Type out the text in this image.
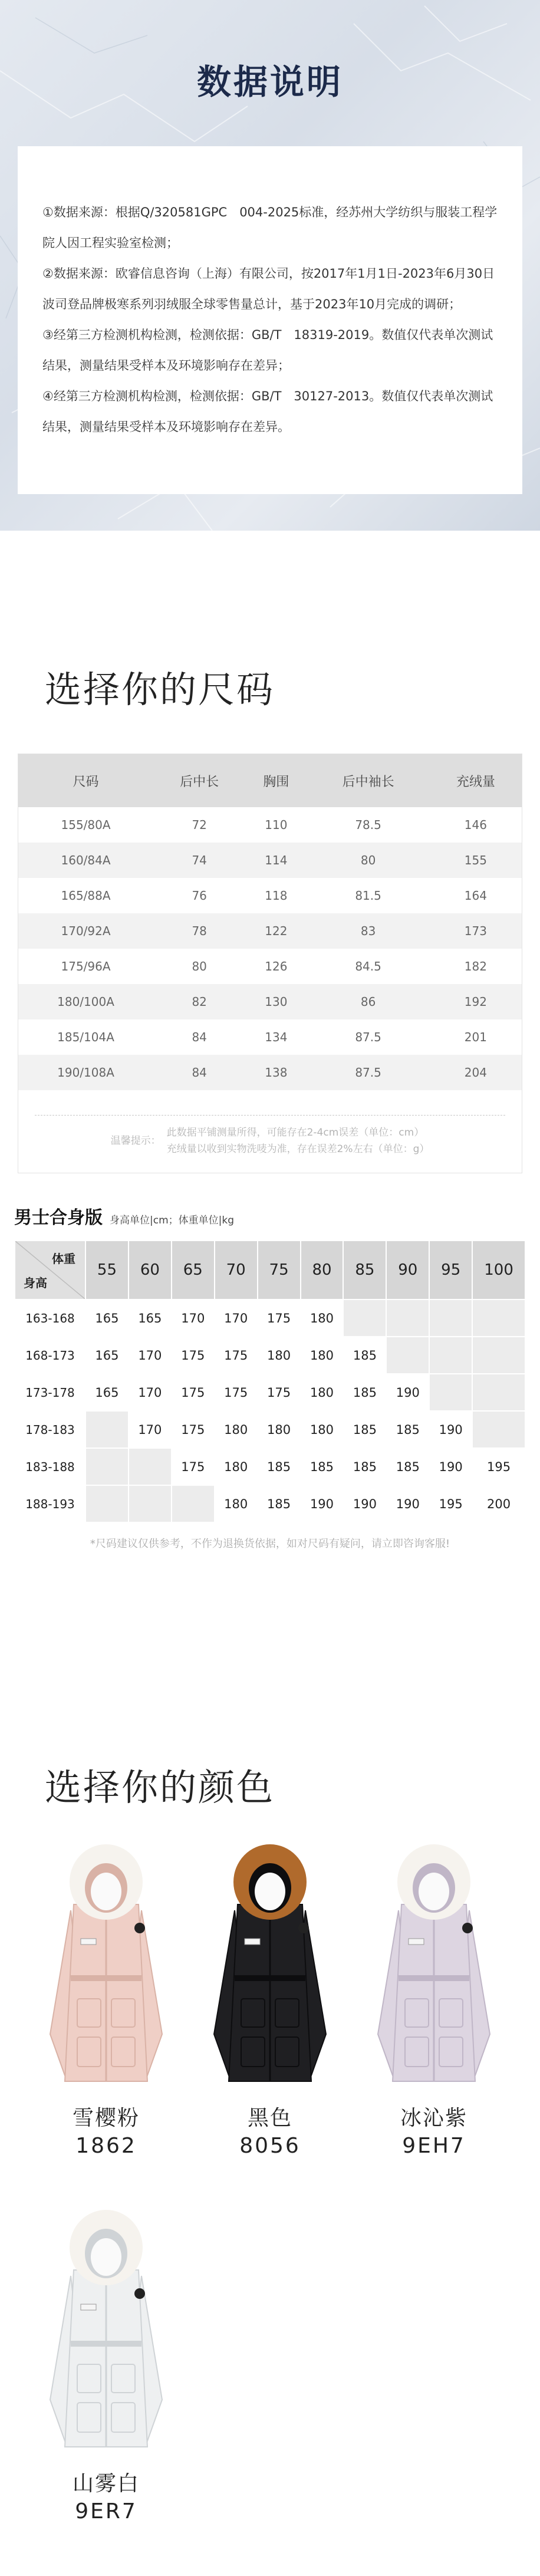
数据说明

①数据来源：根据Q/320581GPC　004-2025标准，经苏州大学纺织与服装工程学院人因工程实验室检测；

②数据来源：欧睿信息咨询（上海）有限公司，按2017年1月1日-2023年6月30日波司登品牌极寒系列羽绒服全球零售量总计，基于2023年10月完成的调研；

③经第三方检测机构检测，检测依据：GB/T　18319-2019。数值仅代表单次测试结果，测量结果受样本及环境影响存在差异；

④经第三方检测机构检测，检测依据：GB/T　30127-2013。数值仅代表单次测试结果，测量结果受样本及环境影响存在差异。

选择你的尺码
尺码	后中长	胸围	后中袖长	充绒量
155/80A	72	110	78.5	146
160/84A	74	114	80	155
165/88A	76	118	81.5	164
170/92A	78	122	83	173
175/96A	80	126	84.5	182
180/100A	82	130	86	192
185/104A	84	134	87.5	201
190/108A	84	138	87.5	204
温馨提示：
此数据平铺测量所得，可能存在2-4cm误差（单位：cm）
充绒量以收到实物洗唛为准，存在误差2%左右（单位：g）
男士合身版 身高单位|cm；体重单位|kg
体重
身高	55	60	65	70	75	80	85	90	95	100
163-168	165	165	170	170	175	180				
168-173	165	170	175	175	180	180	185			
173-178	165	170	175	175	175	180	185	190		
178-183		170	175	180	180	180	185	185	190	
183-188			175	180	185	185	185	185	190	195
188-193				180	185	190	190	190	195	200
*尺码建议仅供参考，不作为退换货依据，如对尺码有疑问，请立即咨询客服!
选择你的颜色
雪樱粉
1862
黑色
8056
冰沁紫
9EH7
山雾白
9ER7
